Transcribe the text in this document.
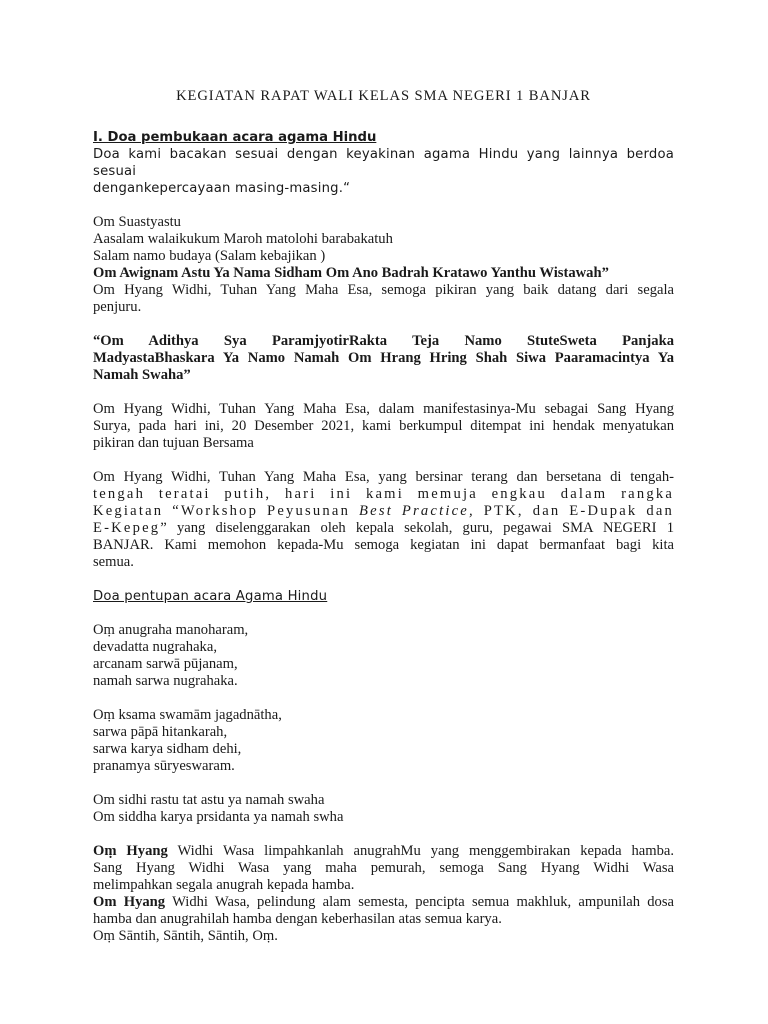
KEGIATAN RAPAT WALI KELAS SMA NEGERI 1 BANJAR
I. Doa pembukaan acara agama Hindu
Doa kami bacakan sesuai dengan keyakinan agama Hindu yang lainnya berdoa sesuai
dengankepercayaan masing-masing.“
Om Suastyastu
Aasalam walaikukum Maroh matolohi barabakatuh
Salam namo budaya (Salam kebajikan )
Om Awignam Astu Ya Nama Sidham Om Ano Badrah Kratawo Yanthu Wistawah”
Om Hyang Widhi, Tuhan Yang Maha Esa, semoga pikiran yang baik datang dari segala
penjuru.
“Om Adithya Sya ParamjyotirRakta Teja Namo StuteSweta Panjaka
MadyastaBhaskara Ya Namo Namah Om Hrang Hring Shah Siwa Paaramacintya Ya
Namah Swaha”
Om Hyang Widhi, Tuhan Yang Maha Esa, dalam manifestasinya-Mu sebagai Sang Hyang
Surya, pada hari ini, 20 Desember 2021, kami berkumpul ditempat ini hendak menyatukan
pikiran dan tujuan Bersama
Om Hyang Widhi, Tuhan Yang Maha Esa, yang bersinar terang dan bersetana di tengah-
tengah teratai putih, hari ini kami memuja engkau dalam rangka
Kegiatan “Workshop Peyusunan Best Practice, PTK, dan E-Dupak dan
E-Kepeg” yang diselenggarakan oleh kepala sekolah, guru, pegawai SMA NEGERI 1
BANJAR. Kami memohon kepada-Mu semoga kegiatan ini dapat bermanfaat bagi kita
semua.
Doa pentupan acara Agama Hindu
Oṃ anugraha manoharam,
devadatta nugrahaka,
arcanam sarwā pūjanam,
namah sarwa nugrahaka.
Oṃ ksama swamām jagadnātha,
sarwa pāpā hitankarah,
sarwa karya sidham dehi,
pranamya sūryeswaram.
Om sidhi rastu tat astu ya namah swaha
Om siddha karya prsidanta ya namah swha
Oṃ Hyang Widhi Wasa limpahkanlah anugrahMu yang menggembirakan kepada hamba.
Sang Hyang Widhi Wasa yang maha pemurah, semoga Sang Hyang Widhi Wasa
melimpahkan segala anugrah kepada hamba.
Om Hyang Widhi Wasa, pelindung alam semesta, pencipta semua makhluk, ampunilah dosa
hamba dan anugrahilah hamba dengan keberhasilan atas semua karya.
Oṃ Sāntih, Sāntih, Sāntih, Oṃ.
